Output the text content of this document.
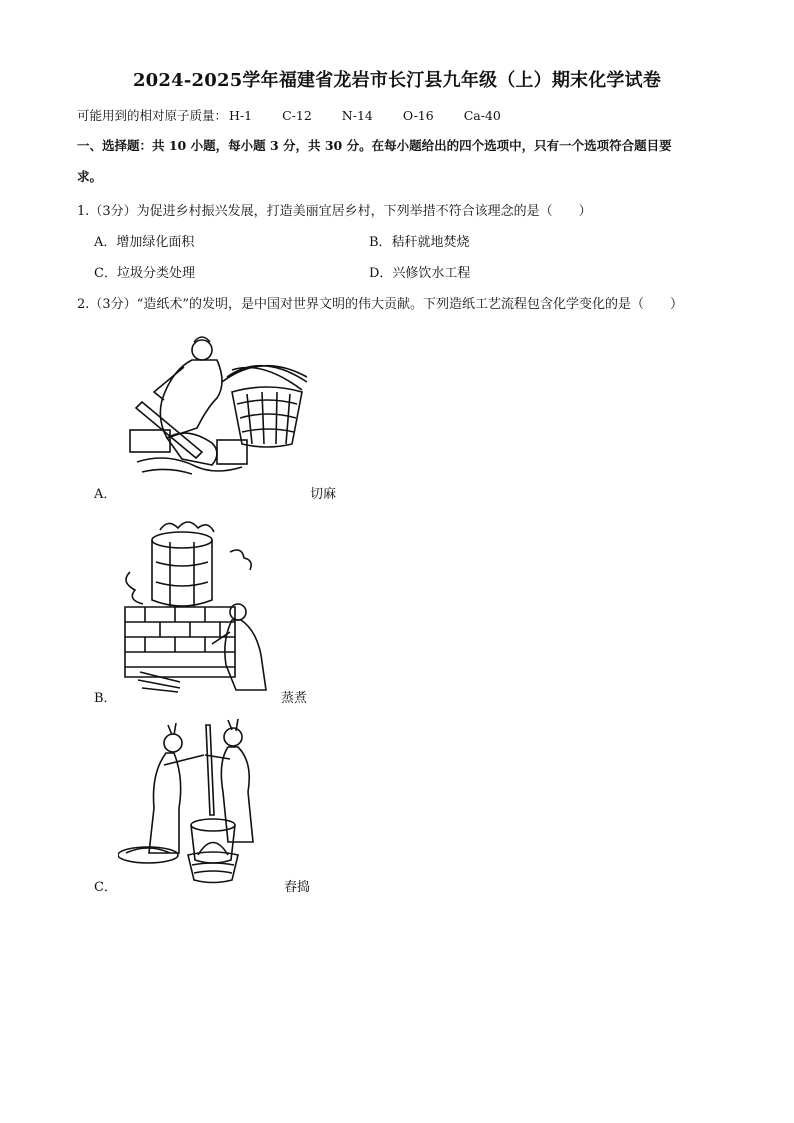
2024-2025学年福建省龙岩市长汀县九年级（上）期末化学试卷
可能用到的相对原子质量： H-1 C-12 N-14 O-16 Ca-40
一、选择题：共 10 小题，每小题 3 分，共 30 分。在每小题给出的四个选项中，只有一个选项符合题目要
求。
1.（3分）为促进乡村振兴发展，打造美丽宜居乡村，下列举措不符合该理念的是（　　）
A．增加绿化面积	B．秸秆就地焚烧
C．垃圾分类处理	D．兴修饮水工程
2.（3分）“造纸术”的发明，是中国对世界文明的伟大贡献。下列造纸工艺流程包含化学变化的是（　　）
A．	切麻
B．	蒸煮
C．	舂捣
